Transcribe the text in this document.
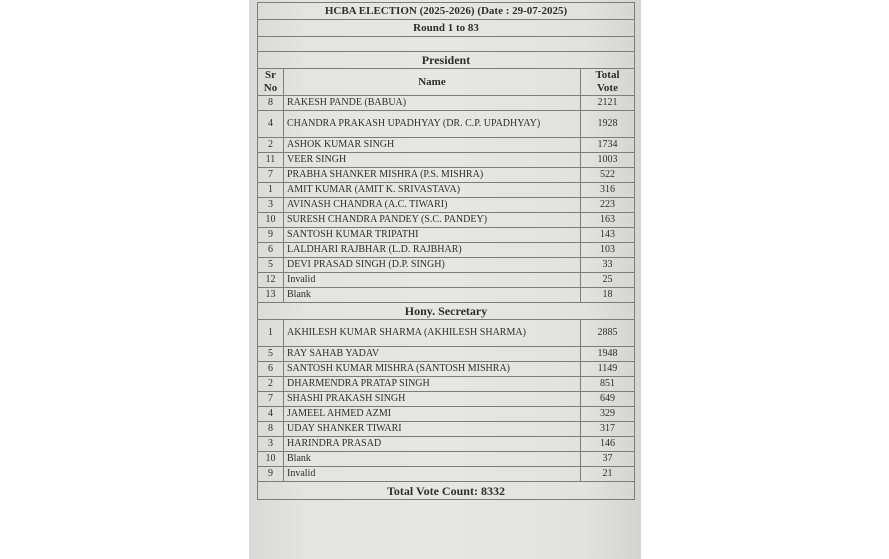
HCBA ELECTION (2025-2026) (Date : 29-07-2025)		
Round 1 to 83		

President		
Sr No	Name	Total Vote
8	RAKESH PANDE (BABUA)	2121
4	CHANDRA PRAKASH UPADHYAY (DR. C.P. UPADHYAY)	1928
2	ASHOK KUMAR SINGH	1734
11	VEER SINGH	1003
7	PRABHA SHANKER MISHRA (P.S. MISHRA)	522
1	AMIT KUMAR (AMIT K. SRIVASTAVA)	316
3	AVINASH CHANDRA (A.C. TIWARI)	223
10	SURESH CHANDRA PANDEY (S.C. PANDEY)	163
9	SANTOSH KUMAR TRIPATHI	143
6	LALDHARI RAJBHAR (L.D. RAJBHAR)	103
5	DEVI PRASAD SINGH (D.P. SINGH)	33
12	Invalid	25
13	Blank	18
Hony. Secretary		
1	AKHILESH KUMAR SHARMA (AKHILESH SHARMA)	2885
5	RAY SAHAB YADAV	1948
6	SANTOSH KUMAR MISHRA (SANTOSH MISHRA)	1149
2	DHARMENDRA PRATAP SINGH	851
7	SHASHI PRAKASH SINGH	649
4	JAMEEL AHMED AZMI	329
8	UDAY SHANKER TIWARI	317
3	HARINDRA PRASAD	146
10	Blank	37
9	Invalid	21
Total Vote Count: 8332		
